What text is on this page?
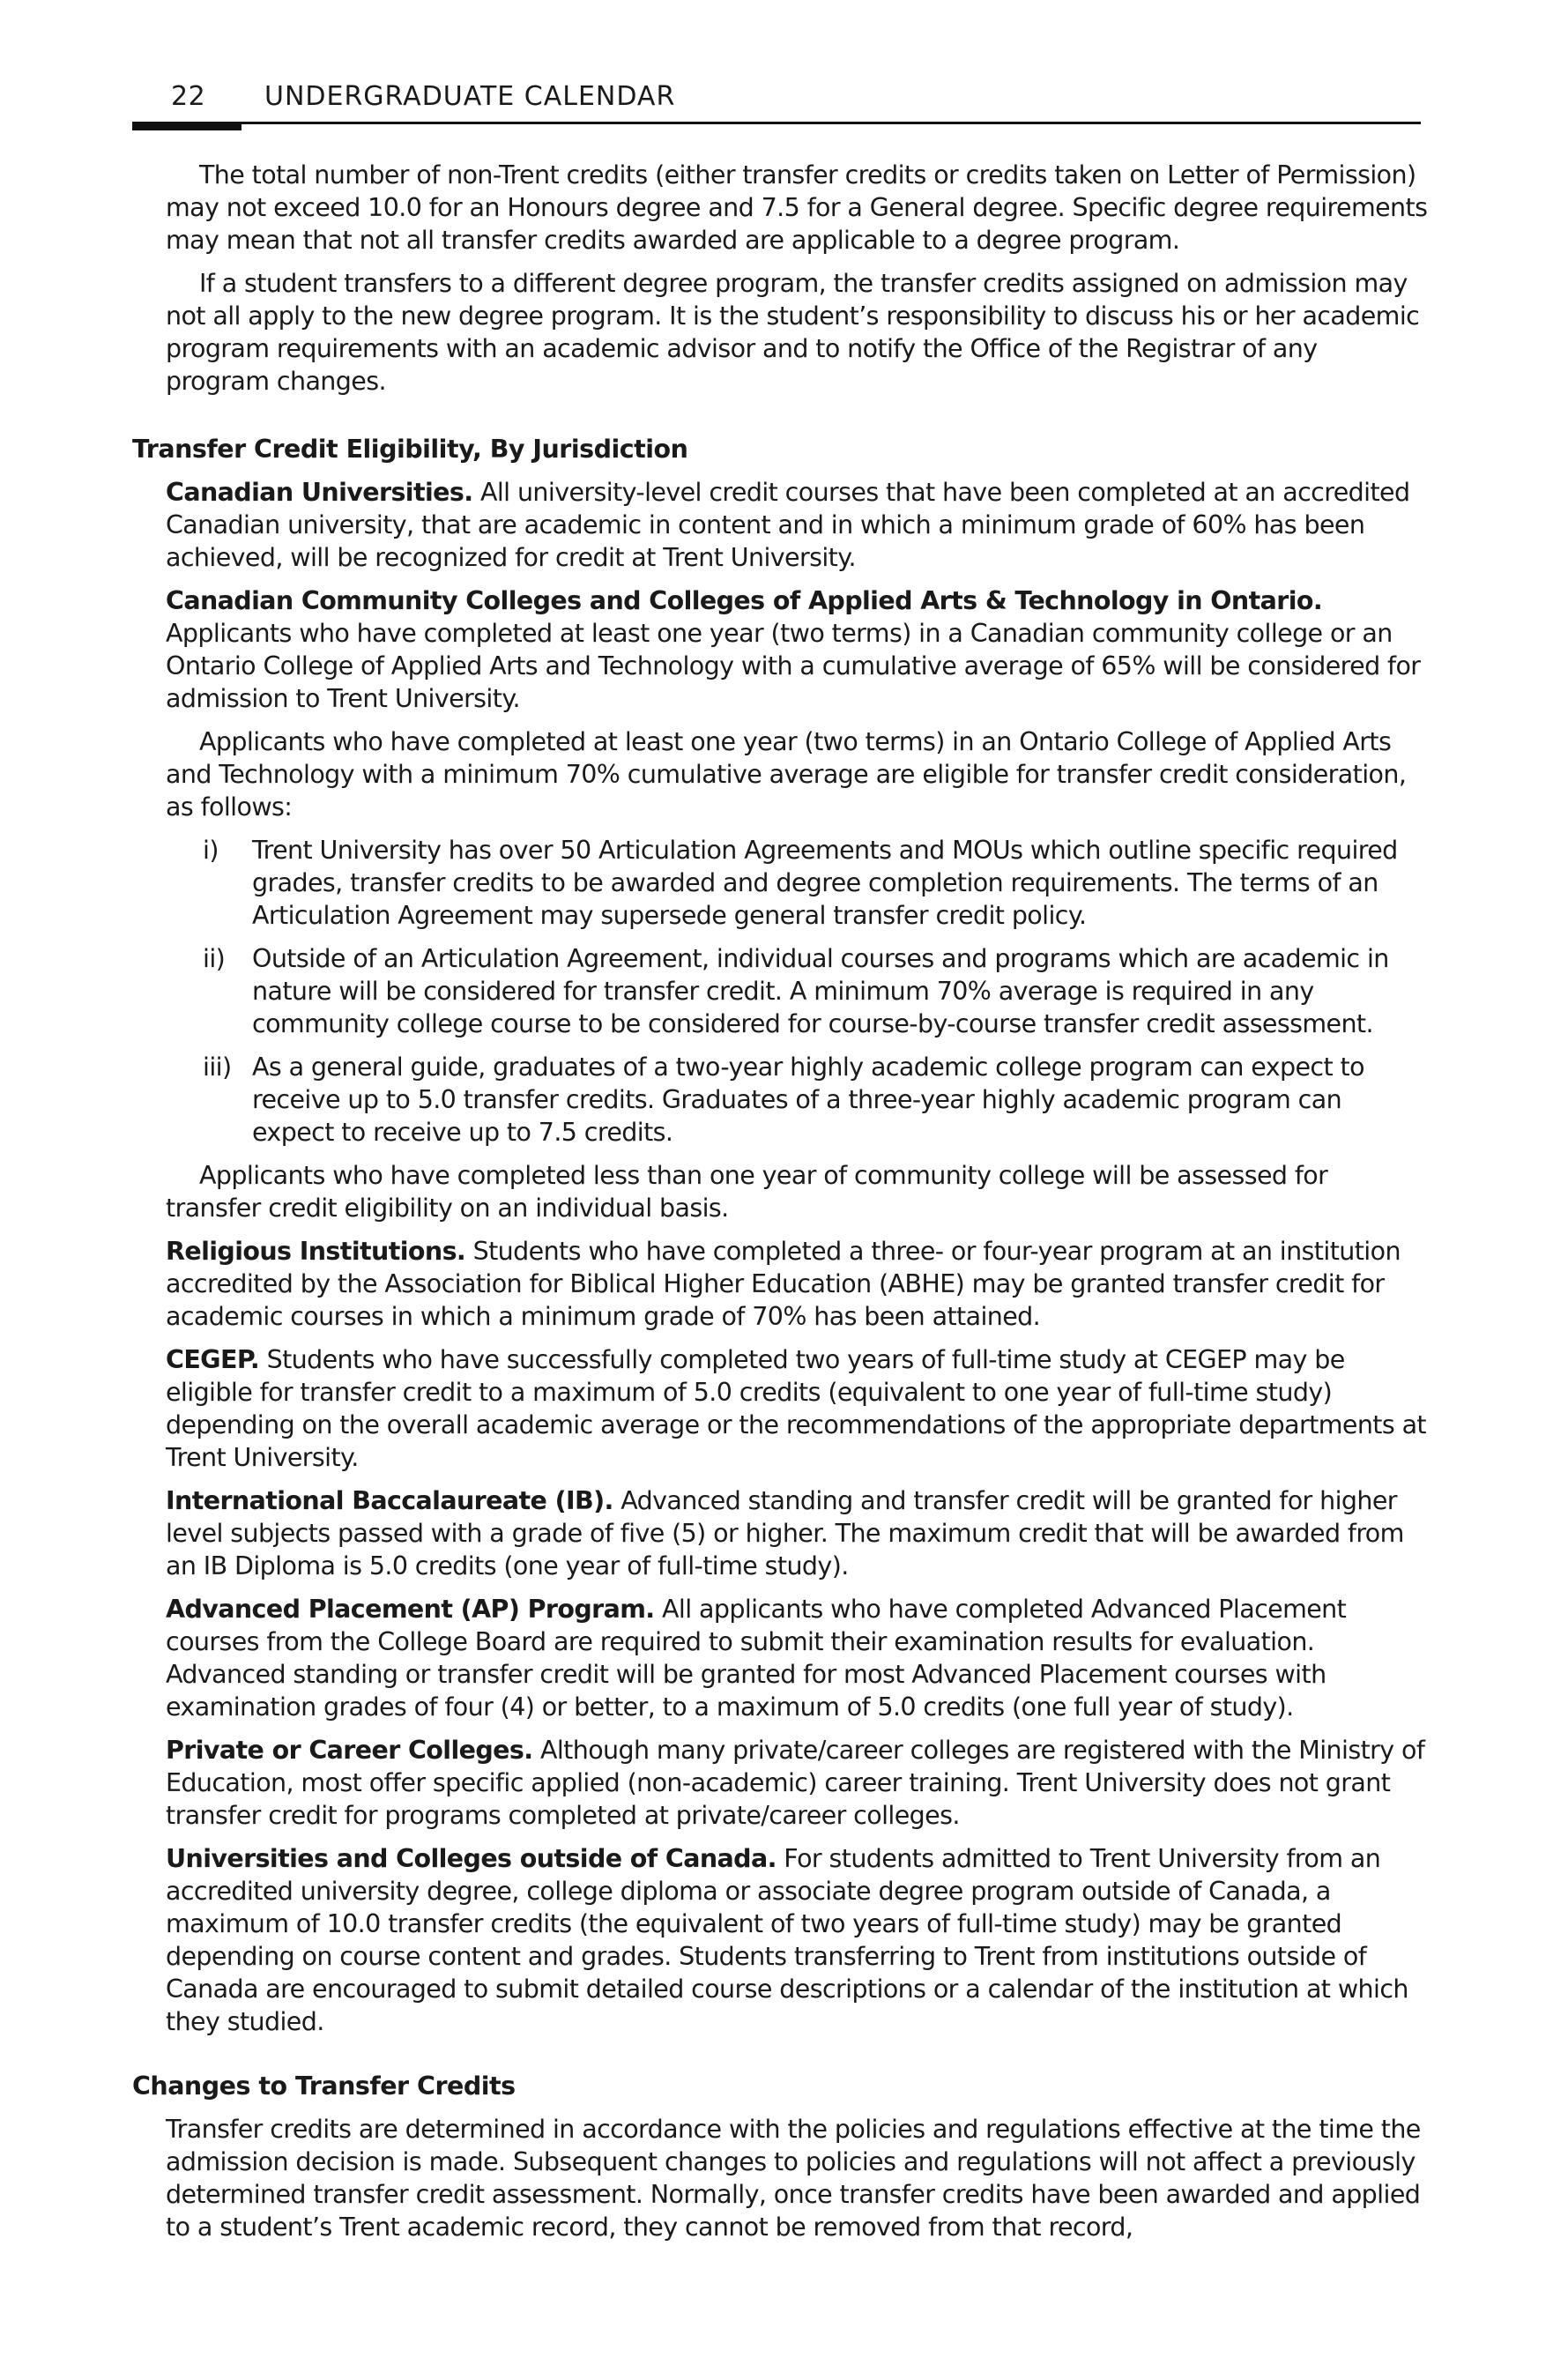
22 UNDERGRADUATE CALENDAR

The total number of non-Trent credits (either transfer credits or credits taken on Letter of Permission) may not exceed 10.0 for an Honours degree and 7.5 for a General degree. Specific degree requirements may mean that not all transfer credits awarded are applicable to a degree program.

If a student transfers to a different degree program, the transfer credits assigned on admission may not all apply to the new degree program. It is the student’s responsibility to discuss his or her academic program requirements with an academic advisor and to notify the Office of the Registrar of any program changes.

Transfer Credit Eligibility, By Jurisdiction

Canadian Universities. All university-level credit courses that have been completed at an accredited Canadian university, that are academic in content and in which a minimum grade of 60% has been achieved, will be recognized for credit at Trent University.

Canadian Community Colleges and Colleges of Applied Arts & Technology in Ontario. Applicants who have completed at least one year (two terms) in a Canadian community college or an Ontario College of Applied Arts and Technology with a cumulative average of 65% will be considered for admission to Trent University.

Applicants who have completed at least one year (two terms) in an Ontario College of Applied Arts and Technology with a minimum 70% cumulative average are eligible for transfer credit consideration, as follows:

i) Trent University has over 50 Articulation Agreements and MOUs which outline specific required grades, transfer credits to be awarded and degree completion requirements. The terms of an Articulation Agreement may supersede general transfer credit policy.
ii) Outside of an Articulation Agreement, individual courses and programs which are academic in nature will be considered for transfer credit. A minimum 70% average is required in any community college course to be considered for course-by-course transfer credit assessment.
iii) As a general guide, graduates of a two-year highly academic college program can expect to receive up to 5.0 transfer credits. Graduates of a three-year highly academic program can expect to receive up to 7.5 credits.

Applicants who have completed less than one year of community college will be assessed for transfer credit eligibility on an individual basis.

Religious Institutions. Students who have completed a three- or four-year program at an institution accredited by the Association for Biblical Higher Education (ABHE) may be granted transfer credit for academic courses in which a minimum grade of 70% has been attained.

CEGEP. Students who have successfully completed two years of full-time study at CEGEP may be eligible for transfer credit to a maximum of 5.0 credits (equivalent to one year of full-time study) depending on the overall academic average or the recommendations of the appropriate departments at Trent University.

International Baccalaureate (IB). Advanced standing and transfer credit will be granted for higher level subjects passed with a grade of five (5) or higher. The maximum credit that will be awarded from an IB Diploma is 5.0 credits (one year of full-time study).

Advanced Placement (AP) Program. All applicants who have completed Advanced Placement courses from the College Board are required to submit their examination results for evaluation. Advanced standing or transfer credit will be granted for most Advanced Placement courses with examination grades of four (4) or better, to a maximum of 5.0 credits (one full year of study).

Private or Career Colleges. Although many private/career colleges are registered with the Ministry of Education, most offer specific applied (non-academic) career training. Trent University does not grant transfer credit for programs completed at private/career colleges.

Universities and Colleges outside of Canada. For students admitted to Trent University from an accredited university degree, college diploma or associate degree program outside of Canada, a maximum of 10.0 transfer credits (the equivalent of two years of full-time study) may be granted depending on course content and grades. Students transferring to Trent from institutions outside of Canada are encouraged to submit detailed course descriptions or a calendar of the institution at which they studied.

Changes to Transfer Credits

Transfer credits are determined in accordance with the policies and regulations effective at the time the admission decision is made. Subsequent changes to policies and regulations will not affect a previously determined transfer credit assessment. Normally, once transfer credits have been awarded and applied to a student’s Trent academic record, they cannot be removed from that record,
